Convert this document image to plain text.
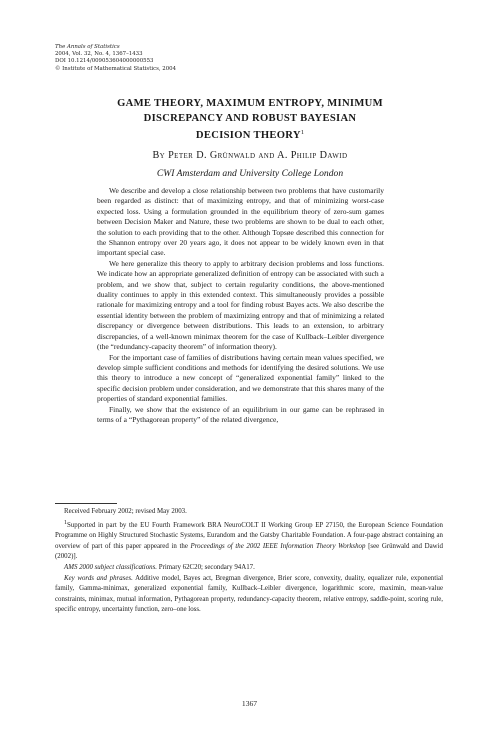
The Annals of Statistics
2004, Vol. 32, No. 4, 1367–1433
DOI 10.1214/009053604000000553
© Institute of Mathematical Statistics, 2004
GAME THEORY, MAXIMUM ENTROPY, MINIMUM
DISCREPANCY AND ROBUST BAYESIAN
DECISION THEORY$^1$
By Peter D. Grünwald and A. Philip Dawid
CWI Amsterdam and University College London

We describe and develop a close relationship between two problems that have customarily been regarded as distinct: that of maximizing entropy, and that of minimizing worst-case expected loss. Using a formulation grounded in the equilibrium theory of zero-sum games between Decision Maker and Nature, these two problems are shown to be dual to each other, the solution to each providing that to the other. Although Topsøe described this connection for the Shannon entropy over 20 years ago, it does not appear to be widely known even in that important special case.

We here generalize this theory to apply to arbitrary decision problems and loss functions. We indicate how an appropriate generalized definition of entropy can be associated with such a problem, and we show that, subject to certain regularity conditions, the above-mentioned duality continues to apply in this extended context. This simultaneously provides a possible rationale for maximizing entropy and a tool for finding robust Bayes acts. We also describe the essential identity between the problem of maximizing entropy and that of minimizing a related discrepancy or divergence between distributions. This leads to an extension, to arbitrary discrepancies, of a well-known minimax theorem for the case of Kullback–Leibler divergence (the “redundancy-capacity theorem” of information theory).

For the important case of families of distributions having certain mean values specified, we develop simple sufficient conditions and methods for identifying the desired solutions. We use this theory to introduce a new concept of “generalized exponential family” linked to the specific decision problem under consideration, and we demonstrate that this shares many of the properties of standard exponential families.

Finally, we show that the existence of an equilibrium in our game can be rephrased in terms of a “Pythagorean property” of the related divergence,

Received February 2002; revised May 2003.

$^1$Supported in part by the EU Fourth Framework BRA NeuroCOLT II Working Group EP 27150, the European Science Foundation Programme on Highly Structured Stochastic Systems, Eurandom and the Gatsby Charitable Foundation. A four-page abstract containing an overview of part of this paper appeared in the Proceedings of the 2002 IEEE Information Theory Workshop [see Grünwald and Dawid (2002)].

AMS 2000 subject classifications. Primary 62C20; secondary 94A17.

Key words and phrases. Additive model, Bayes act, Bregman divergence, Brier score, convexity, duality, equalizer rule, exponential family, Gamma-minimax, generalized exponential family, Kullback–Leibler divergence, logarithmic score, maximin, mean-value constraints, minimax, mutual information, Pythagorean property, redundancy-capacity theorem, relative entropy, saddle-point, scoring rule, specific entropy, uncertainty function, zero–one loss.

1367
